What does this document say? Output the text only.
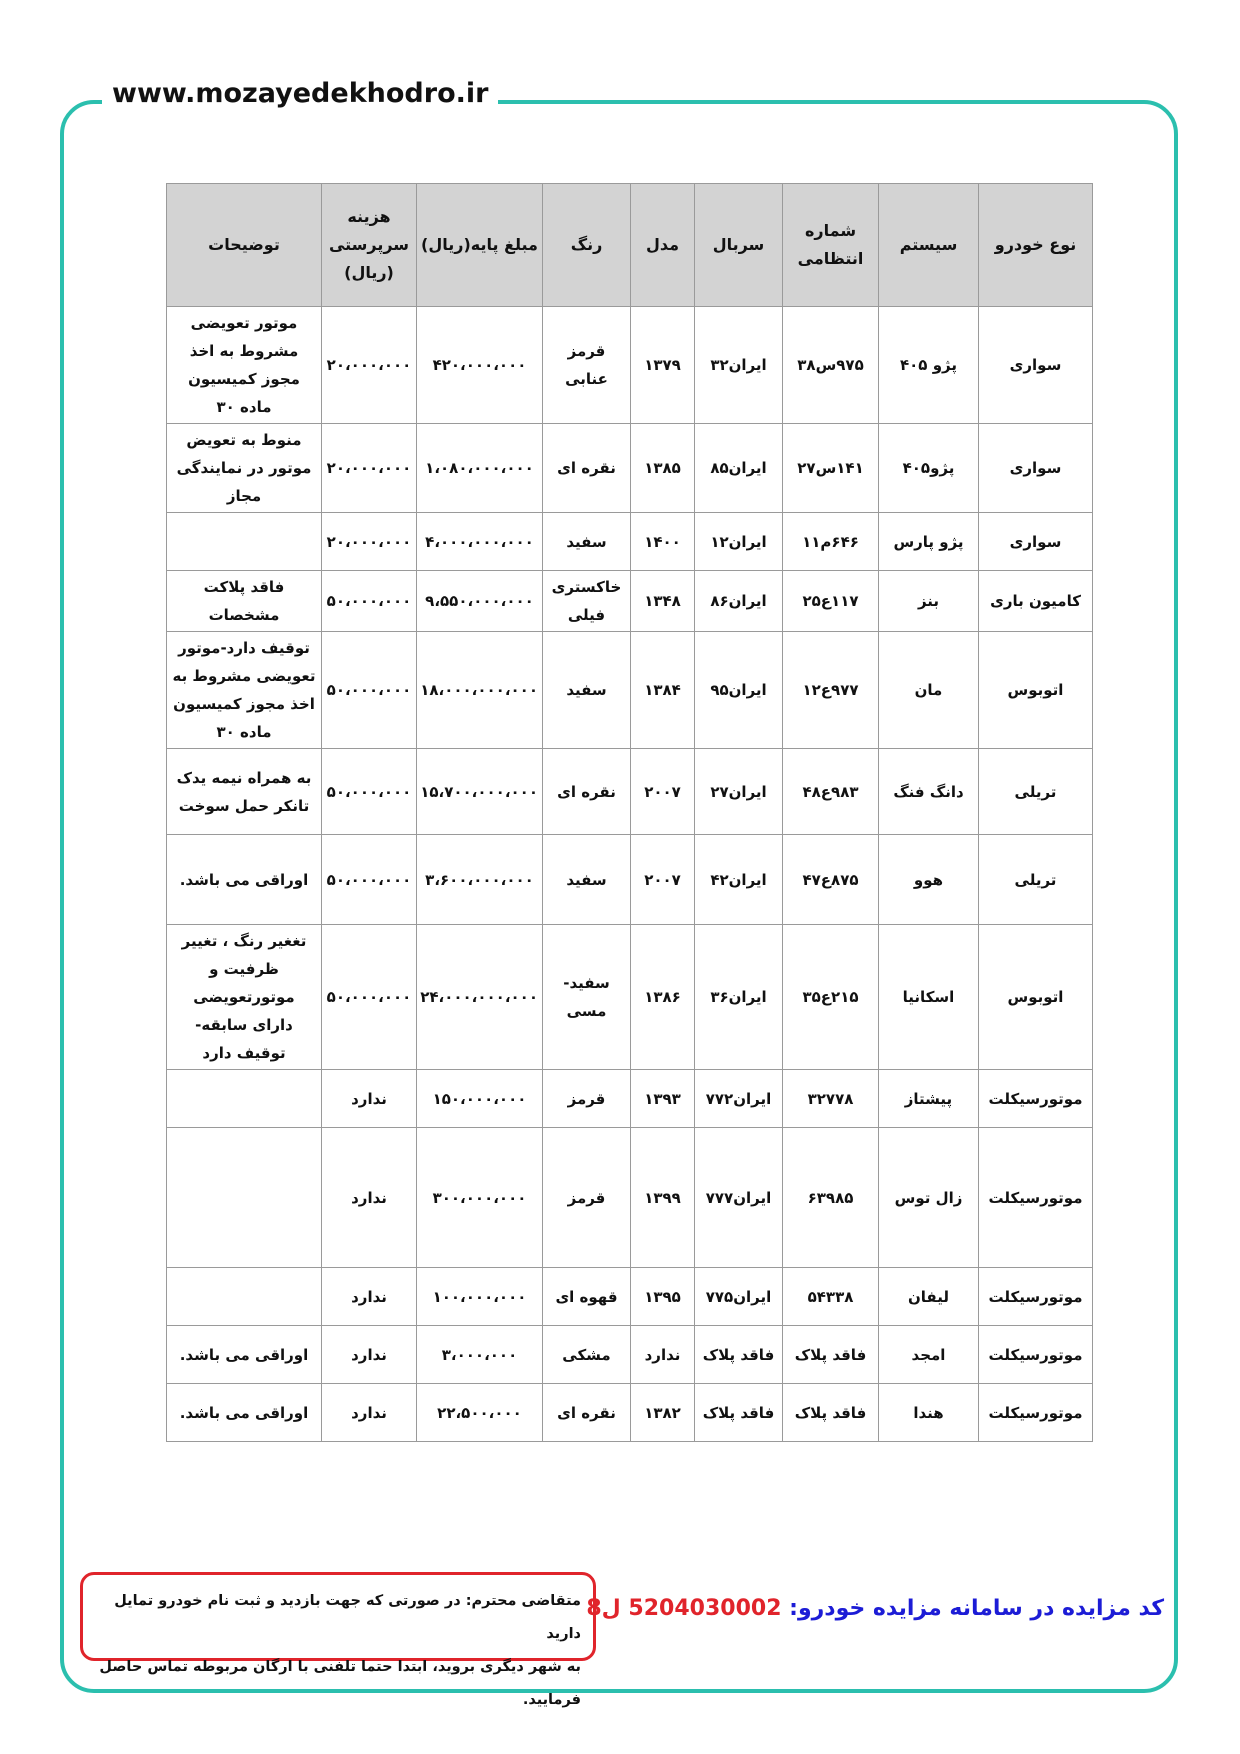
www.mozayedekhodro.ir
نوع خودرو	سیستم	شماره انتظامی	سربال	مدل	رنگ	مبلغ پایه(ریال)	هزینه سرپرستی (ریال)	توضیحات
سواری	پژو ۴۰۵	۹۷۵س۳۸	ایران۳۲	۱۳۷۹	قرمز عنابی	۴۲۰،۰۰۰،۰۰۰	۲۰،۰۰۰،۰۰۰	موتور تعویضی مشروط به اخذ مجوز کمیسیون ماده ۳۰
سواری	پژو۴۰۵	۱۴۱س۲۷	ایران۸۵	۱۳۸۵	نقره ای	۱،۰۸۰،۰۰۰،۰۰۰	۲۰،۰۰۰،۰۰۰	منوط به تعویض موتور در نمایندگی مجاز
سواری	پژو پارس	۶۴۶م۱۱	ایران۱۲	۱۴۰۰	سفید	۴،۰۰۰،۰۰۰،۰۰۰	۲۰،۰۰۰،۰۰۰	
کامیون باری	بنز	۱۱۷ع۲۵	ایران۸۶	۱۳۴۸	خاکستری فیلی	۹،۵۵۰،۰۰۰،۰۰۰	۵۰،۰۰۰،۰۰۰	فاقد پلاکت مشخصات
اتوبوس	مان	۹۷۷ع۱۲	ایران۹۵	۱۳۸۴	سفید	۱۸،۰۰۰،۰۰۰،۰۰۰	۵۰،۰۰۰،۰۰۰	توقیف دارد-موتور تعویضی مشروط به اخذ مجوز کمیسیون ماده ۳۰
تریلی	دانگ فنگ	۹۸۳ع۴۸	ایران۲۷	۲۰۰۷	نقره ای	۱۵،۷۰۰،۰۰۰،۰۰۰	۵۰،۰۰۰،۰۰۰	به همراه نیمه یدک تانکر حمل سوخت
تریلی	هوو	۸۷۵ع۴۷	ایران۴۲	۲۰۰۷	سفید	۳،۶۰۰،۰۰۰،۰۰۰	۵۰،۰۰۰،۰۰۰	اوراقی می باشد.
اتوبوس	اسکانیا	۲۱۵ع۳۵	ایران۳۶	۱۳۸۶	سفید-مسی	۲۴،۰۰۰،۰۰۰،۰۰۰	۵۰،۰۰۰،۰۰۰	تغغیر رنگ ، تغییر ظرفیت و موتورتعویضی دارای سابقه-توقیف دارد
موتورسیکلت	پیشتاز	۳۲۷۷۸	ایران۷۷۲	۱۳۹۳	قرمز	۱۵۰،۰۰۰،۰۰۰	ندارد	
موتورسیکلت	زال توس	۶۳۹۸۵	ایران۷۷۷	۱۳۹۹	قرمز	۳۰۰،۰۰۰،۰۰۰	ندارد	
موتورسیکلت	لیفان	۵۴۳۳۸	ایران۷۷۵	۱۳۹۵	قهوه ای	۱۰۰،۰۰۰،۰۰۰	ندارد	
موتورسیکلت	امجد	فاقد پلاک	فاقد پلاک	ندارد	مشکی	۳،۰۰۰،۰۰۰	ندارد	اوراقی می باشد.
موتورسیکلت	هندا	فاقد پلاک	فاقد پلاک	۱۳۸۲	نقره ای	۲۲،۵۰۰،۰۰۰	ندارد	اوراقی می باشد.
متقاضی محترم: در صورتی که جهت بازدید و ثبت نام خودرو تمایل دارید
به شهر دیگری بروید، ابتدا حتما تلفنی با ارگان مربوطه تماس حاصل فرمایید.
کد مزایده در سامانه مزایده خودرو: 5204030002 ل8
